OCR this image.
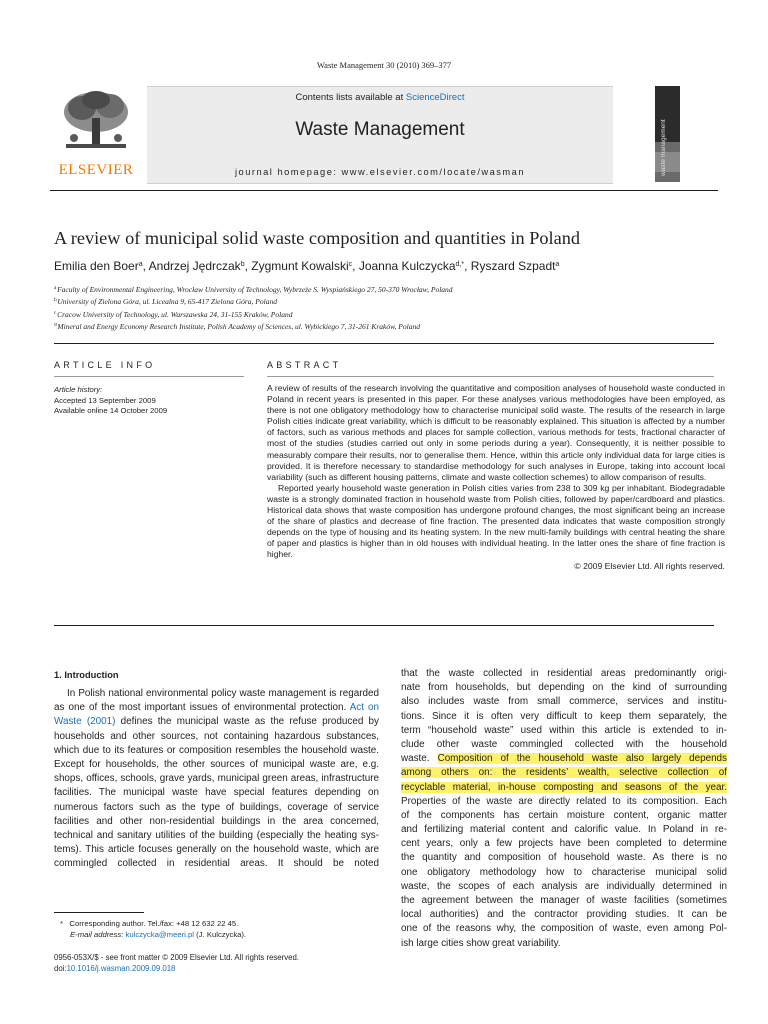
Waste Management 30 (2010) 369–377
ELSEVIER
Contents lists available at ScienceDirect
Waste Management
journal homepage: www.elsevier.com/locate/wasman	waste management
A review of municipal solid waste composition and quantities in Poland
Emilia den Boer$^a$, Andrzej Jędrczak$^b$, Zygmunt Kowalski$^c$, Joanna Kulczycka$^{d,*}$, Ryszard Szpadt$^a$
$^a$ Faculty of Environmental Engineering, Wrocław University of Technology, Wybrzeże S. Wyspiańskiego 27, 50-370 Wrocław, Poland
$^b$ University of Zielona Góra, ul. Licealna 9, 65-417 Zielona Góra, Poland
$^c$ Cracow University of Technology, ul. Warszawska 24, 31-155 Kraków, Poland
$^d$ Mineral and Energy Economy Research Institute, Polish Academy of Sciences, ul. Wybickiego 7, 31-261 Kraków, Poland
ARTICLE INFO
Article history:
Accepted 13 September 2009
Available online 14 October 2009
ABSTRACT

A review of results of the research involving the quantitative and composition analyses of household waste conducted in Poland in recent years is presented in this paper. For these analyses various methodologies have been employed, as there is not one obligatory methodology how to characterise municipal solid waste. The results of the research in large Polish cities indicate great variability, which is difficult to be reasonably explained. This situation is affected by a number of factors, such as various methods and places for sample collection, various methods for tests, fractional character of most of the studies (studies carried out only in some periods during a year). Consequently, it is neither possible to measurably compare their results, nor to generalise them. Hence, within this article only individual data for large cities is provided. It is therefore necessary to standardise methodology for such analyses in Europe, taking into account local variability (such as different housing patterns, climate and waste collection schemes) to allow comparison of results.

Reported yearly household waste generation in Polish cities varies from 238 to 309 kg per inhabitant. Biodegradable waste is a strongly dominated fraction in household waste from Polish cities, followed by paper/cardboard and plastics. Historical data shows that waste composition has undergone profound changes, the most significant being an increase of the share of plastics and decrease of fine fraction. The presented data indicates that waste composition strongly depends on the type of housing and its heating system. In the new multi-family buildings with central heating the share of paper and plastics is higher than in old houses with individual heating. In the latter ones the share of fine fraction is higher.

© 2009 Elsevier Ltd. All rights reserved.

1. Introduction

In Polish national environmental policy waste management is regarded as one of the most important issues of environmental protection. Act on Waste (2001) defines the municipal waste as the refuse produced by households and other sources, not containing hazardous substances, which due to its features or composition resembles the household waste. Except for households, the other sources of municipal waste are, e.g. shops, offices, schools, grave yards, municipal green areas, infrastructure facilities. The municipal waste have special features depending on numerous factors such as the type of buildings, coverage of service facilities and other non-residential buildings in the area concerned, technical and sanitary utilities of the building (especially the heating systems). This article focuses generally on the household waste, which are commingled collected in residential areas. It should be noted

that the waste collected in residential areas predominantly origi-
nate from households, but depending on the kind of surrounding
also includes waste from small commerce, services and institu-
tions. Since it is often very difficult to keep them separately, the
term “household waste” used within this article is extended to in-
clude other waste commingled collected with the household
waste. Composition of the household waste also largely depends
among others on: the residents’ wealth, selective collection of
recyclable material, in-house composting and seasons of the year.
Properties of the waste are directly related to its composition. Each
of the components has certain moisture content, organic matter
and fertilizing material content and calorific value. In Poland in re-
cent years, only a few projects have been completed to determine
the quantity and composition of household waste. As there is no
one obligatory methodology how to characterise municipal solid
waste, the scopes of each analysis are individually determined in
the agreement between the manager of waste facilities (sometimes
local authorities) and the contractor providing studies. It can be
one of the reasons why, the composition of waste, even among Pol-
ish large cities show great variability.
* Corresponding author. Tel./fax: +48 12 632 22 45.
E-mail address: kulczycka@meeri.pl (J. Kulczycka).
0956-053X/$ - see front matter © 2009 Elsevier Ltd. All rights reserved.
doi:10.1016/j.wasman.2009.09.018
